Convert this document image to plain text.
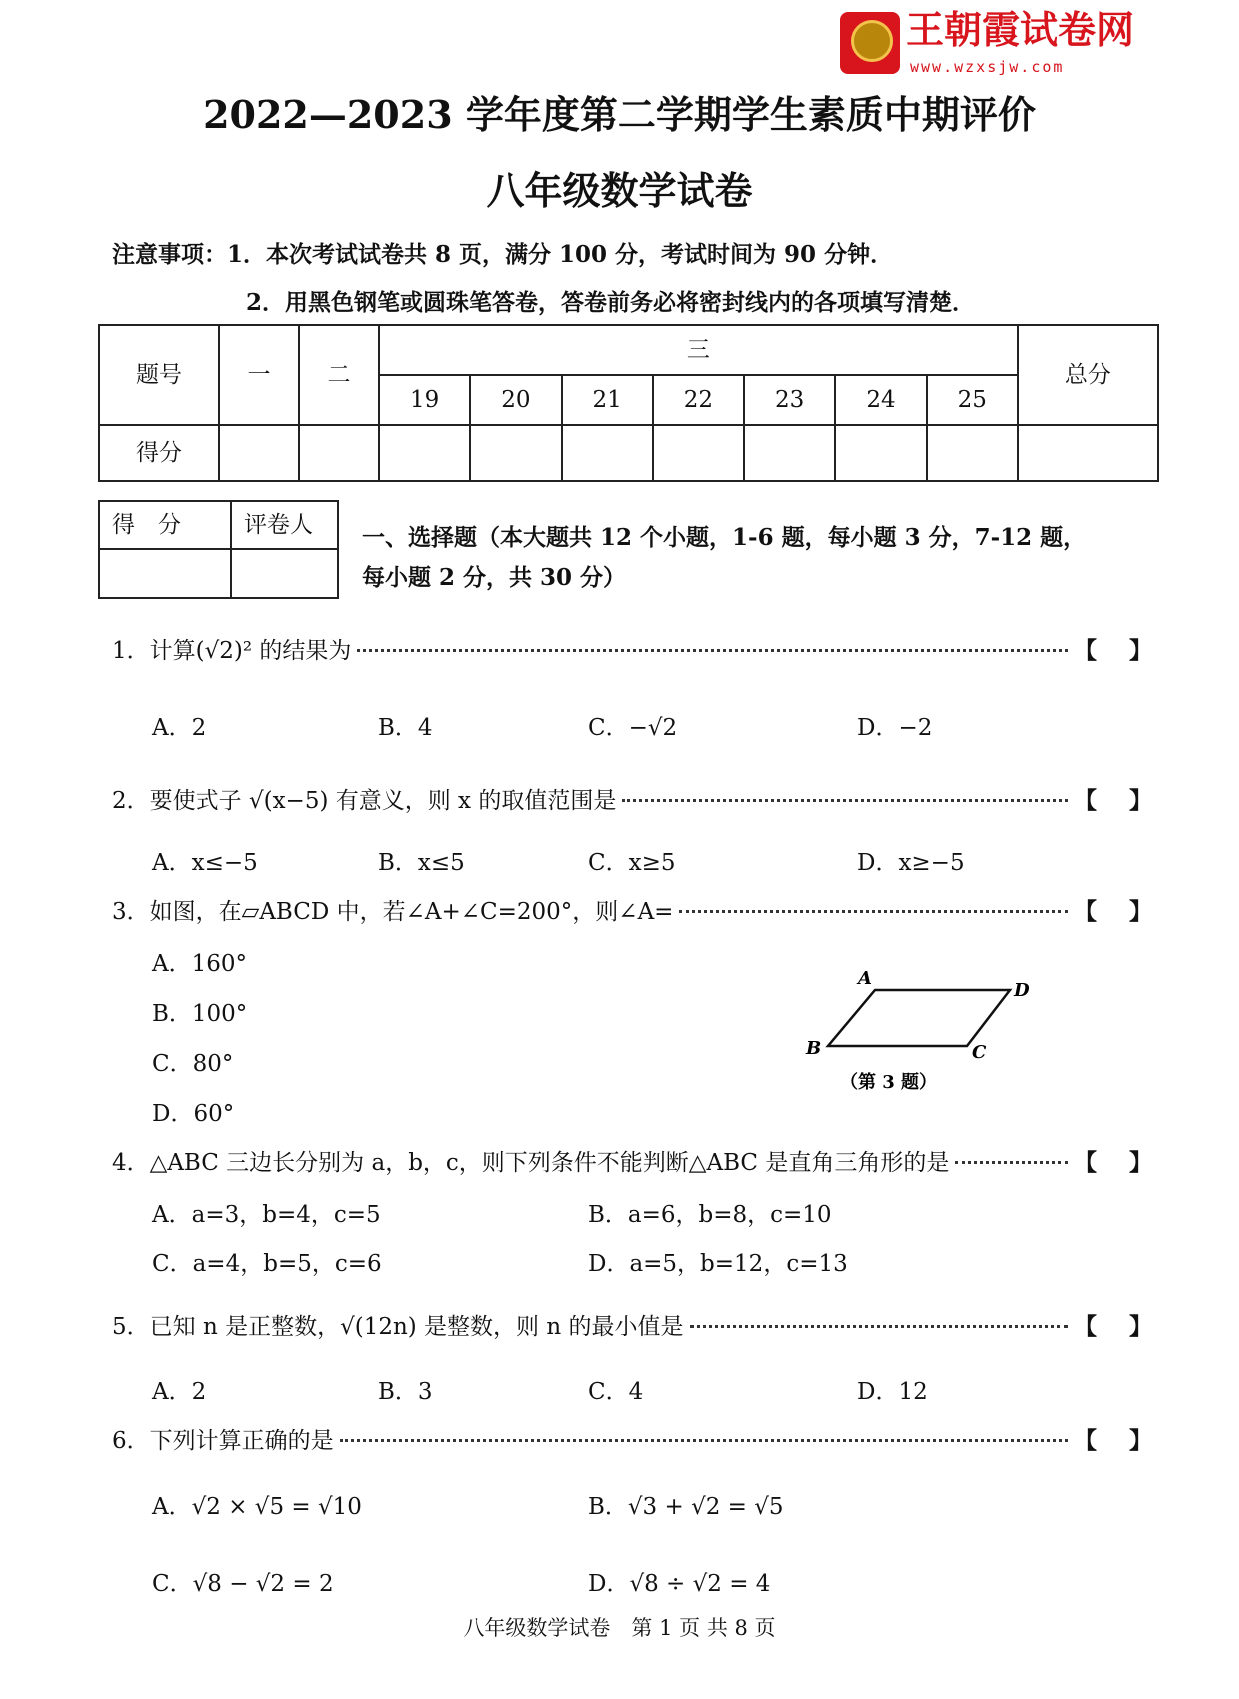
王朝霞试卷网
www.wzxsjw.com
2022—2023 学年度第二学期学生素质中期评价
八年级数学试卷
注意事项：1．本次考试试卷共 8 页，满分 100 分，考试时间为 90 分钟．
2．用黑色钢笔或圆珠笔答卷，答卷前务必将密封线内的各项填写清楚．
题号	一	二	三							总分
			19	20	21	22	23	24	25	
得分										
得　分	评卷人
	一、选择题（本大题共 12 个小题，1-6 题，每小题 3 分，7-12 题，
每小题 2 分，共 30 分）
1．计算(√2)² 的结果为	【 】
A．2	B．4	C．−√2	D．−2
2．要使式子 √(x−5) 有意义，则 x 的取值范围是	【 】
A．x≤−5	B．x≤5	C．x≥5	D．x≥−5
3．如图，在▱ABCD 中，若∠A+∠C=200°，则∠A=	【 】
A．160°
B．100°
C．80°
D．60°
4．△ABC 三边长分别为 a，b，c，则下列条件不能判断△ABC 是直角三角形的是	【 】
A．a=3，b=4，c=5	B．a=6，b=8，c=10
C．a=4，b=5，c=6	D．a=5，b=12，c=13
5．已知 n 是正整数，√(12n) 是整数，则 n 的最小值是	【 】
A．2	B．3	C．4	D．12
6．下列计算正确的是	【 】
A．√2 × √5 = √10	B．√3 + √2 = √5
C．√8 − √2 = 2	D．√8 ÷ √2 = 4
A
D
B	C
（第 3 题）
八年级数学试卷　第 1 页 共 8 页
